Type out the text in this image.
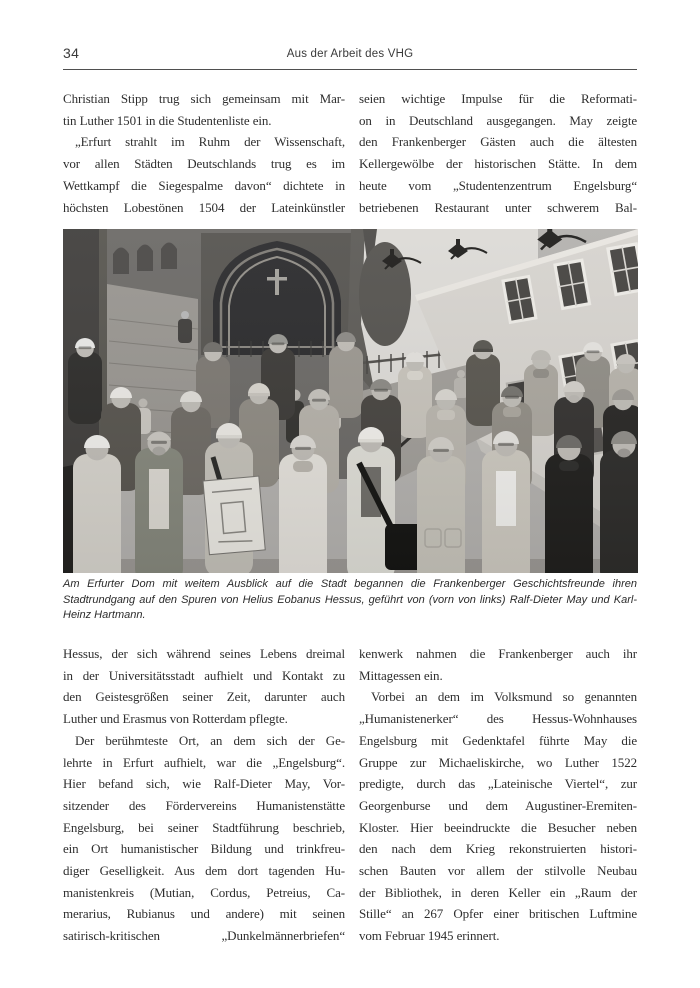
34	Aus der Arbeit des VHG
Christian Stipp trug sich gemeinsam mit Mar-
tin Luther 1501 in die Studentenliste ein.
„Erfurt strahlt im Ruhm der Wissenschaft,
vor allen Städten Deutschlands trug es im
Wettkampf die Siegespalme davon“ dichtete in
höchsten Lobestönen 1504 der Lateinkünstler
seien wichtige Impulse für die Reformati-
on in Deutschland ausgegangen. May zeigte
den Frankenberger Gästen auch die ältesten
Kellergewölbe der historischen Stätte. In dem
heute vom „Studentenzentrum Engelsburg“
betriebenen Restaurant unter schwerem Bal-
Am Erfurter Dom mit weitem Ausblick auf die Stadt begannen die Frankenberger Geschichtsfreunde ihren
Stadtrundgang auf den Spuren von Helius Eobanus Hessus, geführt von (vorn von links) Ralf-Dieter May und Karl-
Heinz Hartmann.
Hessus, der sich während seines Lebens dreimal
in der Universitätsstadt aufhielt und Kontakt zu
den Geistesgrößen seiner Zeit, darunter auch
Luther und Erasmus von Rotterdam pflegte.
Der berühmteste Ort, an dem sich der Ge-
lehrte in Erfurt aufhielt, war die „Engelsburg“.
Hier befand sich, wie Ralf-Dieter May, Vor-
sitzender des Fördervereins Humanistenstätte
Engelsburg, bei seiner Stadtführung beschrieb,
ein Ort humanistischer Bildung und trinkfreu-
diger Geselligkeit. Aus dem dort tagenden Hu-
manistenkreis (Mutian, Cordus, Petreius, Ca-
merarius, Rubianus und andere) mit seinen
satirisch-kritischen „Dunkelmännerbriefen“
kenwerk nahmen die Frankenberger auch ihr
Mittagessen ein.
Vorbei an dem im Volksmund so genannten
„Humanistenerker“ des Hessus-Wohnhauses
Engelsburg mit Gedenktafel führte May die
Gruppe zur Michaeliskirche, wo Luther 1522
predigte, durch das „Lateinische Viertel“, zur
Georgenburse und dem Augustiner-Eremiten-
Kloster. Hier beeindruckte die Besucher neben
den nach dem Krieg rekonstruierten histori-
schen Bauten vor allem der stilvolle Neubau
der Bibliothek, in deren Keller ein „Raum der
Stille“ an 267 Opfer einer britischen Luftmine
vom Februar 1945 erinnert.
